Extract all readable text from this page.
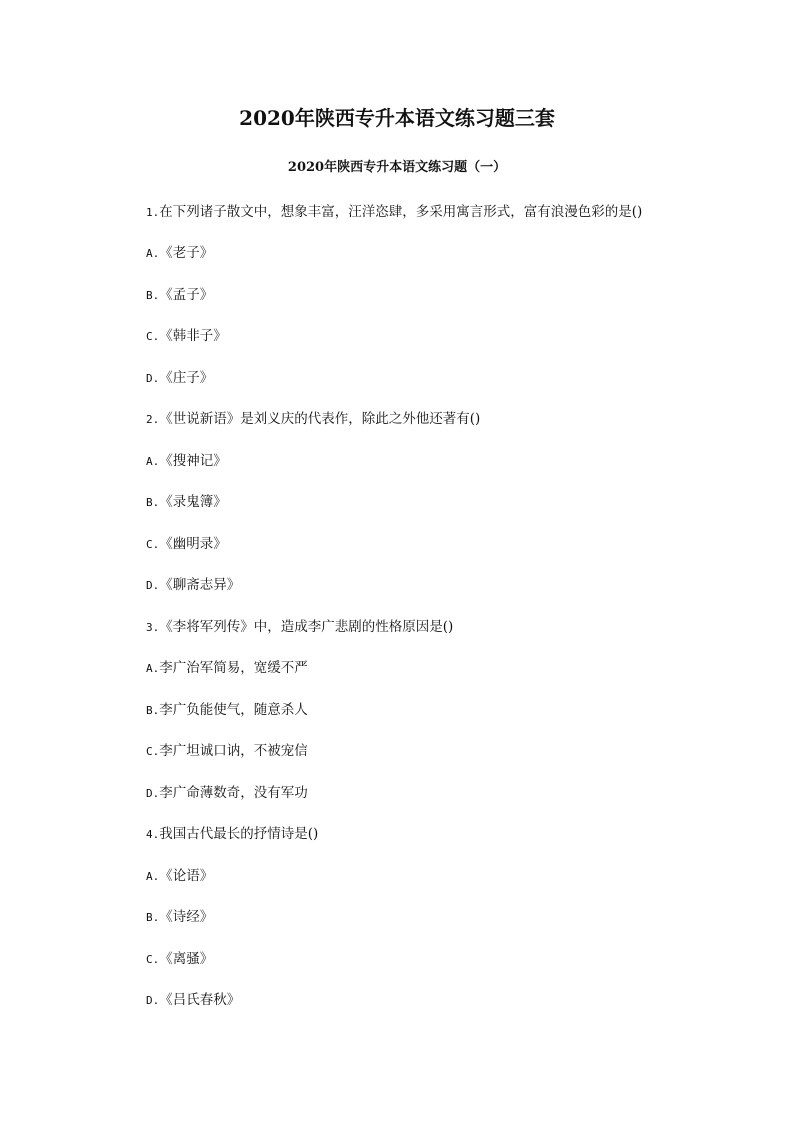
2020年陕西专升本语文练习题三套
2020年陕西专升本语文练习题（一）
1.在下列诸子散文中，想象丰富，汪洋恣肆，多采用寓言形式，富有浪漫色彩的是()
A.《老子》
B.《孟子》
C.《韩非子》
D.《庄子》
2.《世说新语》是刘义庆的代表作，除此之外他还著有()
A.《搜神记》
B.《录鬼簿》
C.《幽明录》
D.《聊斋志异》
3.《李将军列传》中，造成李广悲剧的性格原因是()
A.李广治军简易，宽缓不严
B.李广负能使气，随意杀人
C.李广坦诚口讷，不被宠信
D.李广命薄数奇，没有军功
4.我国古代最长的抒情诗是()
A.《论语》
B.《诗经》
C.《离骚》
D.《吕氏春秋》
